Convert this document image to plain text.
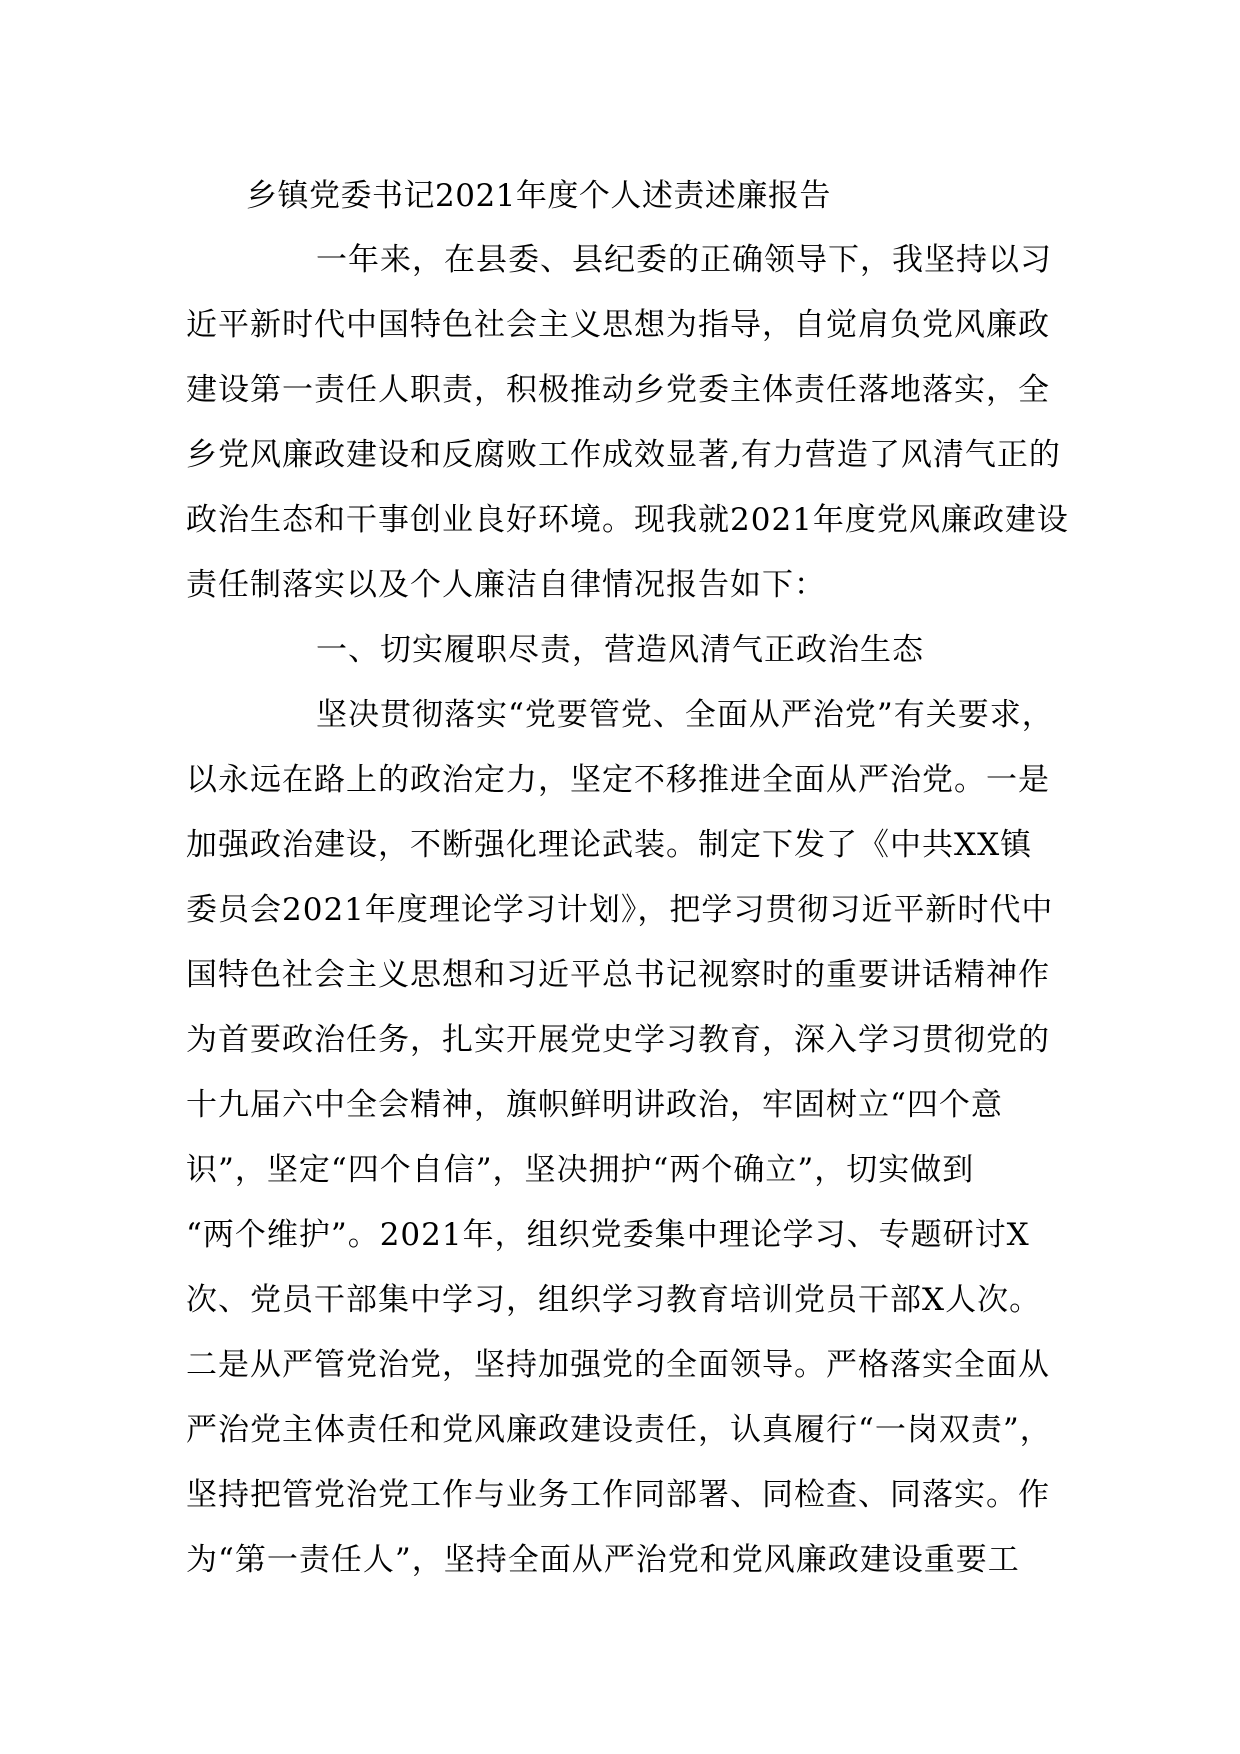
乡镇党委书记2021年度个人述责述廉报告
一年来，在县委、县纪委的正确领导下，我坚持以习
近平新时代中国特色社会主义思想为指导，自觉肩负党风廉政
建设第一责任人职责，积极推动乡党委主体责任落地落实，全
乡党风廉政建设和反腐败工作成效显著,有力营造了风清气正的
政治生态和干事创业良好环境。现我就2021年度党风廉政建设
责任制落实以及个人廉洁自律情况报告如下：
一、切实履职尽责，营造风清气正政治生态
坚决贯彻落实“党要管党、全面从严治党”有关要求，
以永远在路上的政治定力，坚定不移推进全面从严治党。一是
加强政治建设，不断强化理论武装。制定下发了《中共XX镇
委员会2021年度理论学习计划》，把学习贯彻习近平新时代中
国特色社会主义思想和习近平总书记视察时的重要讲话精神作
为首要政治任务，扎实开展党史学习教育，深入学习贯彻党的
十九届六中全会精神，旗帜鲜明讲政治，牢固树立“四个意
识”，坚定“四个自信”，坚决拥护“两个确立”，切实做到
“两个维护”。2021年，组织党委集中理论学习、专题研讨X
次、党员干部集中学习，组织学习教育培训党员干部X人次。
二是从严管党治党，坚持加强党的全面领导。严格落实全面从
严治党主体责任和党风廉政建设责任，认真履行“一岗双责”，
坚持把管党治党工作与业务工作同部署、同检查、同落实。作
为“第一责任人”，坚持全面从严治党和党风廉政建设重要工
